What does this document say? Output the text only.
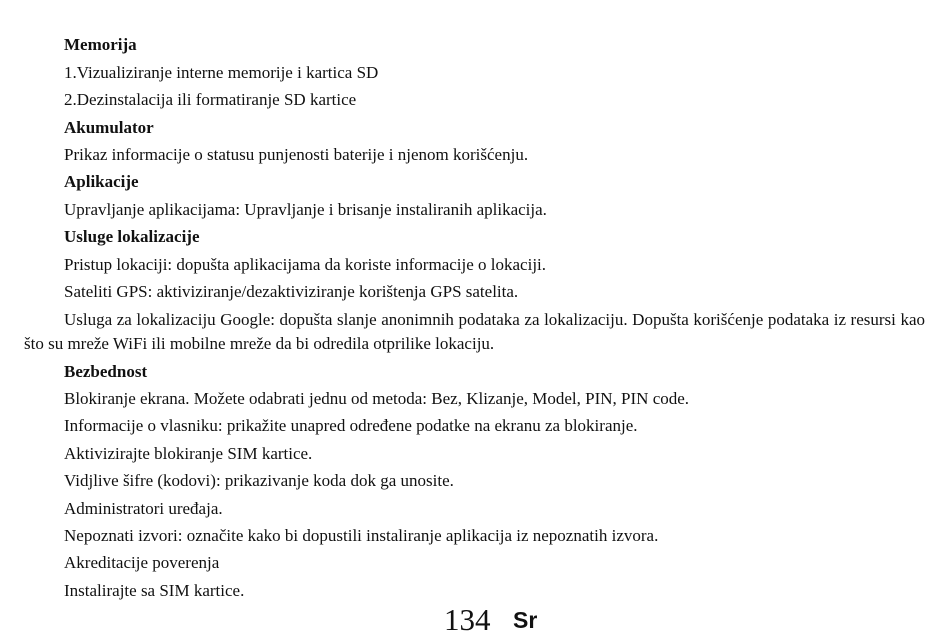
Memorija
1.Vizualiziranje interne memorije i kartica SD
2.Dezinstalacija ili formatiranje SD kartice
Akumulator
Prikaz informacije o statusu punjenosti baterije i njenom korišćenju.
Aplikacije
Upravljanje aplikacijama: Upravljanje i brisanje instaliranih aplikacija.
Usluge lokalizacije
Pristup lokaciji: dopušta aplikacijama da koriste informacije o lokaciji.
Sateliti GPS: aktiviziranje/dezaktiviziranje korištenja GPS satelita.
Usluga za lokalizaciju Google: dopušta slanje anonimnih podataka za lokalizaciju. Dopušta korišćenje podataka iz resursi kao što su mreže WiFi ili mobilne mreže da bi odredila otprilike lokaciju.
Bezbednost
Blokiranje ekrana. Možete odabrati jednu od metoda: Bez, Klizanje, Model, PIN, PIN code.
Informacije o vlasniku: prikažite unapred određene podatke na ekranu za blokiranje.
Aktivizirajte blokiranje SIM kartice.
Vidjlive šifre (kodovi): prikazivanje koda dok ga unosite.
Administratori uređaja.
Nepoznati izvori: označite kako bi dopustili instaliranje aplikacija iz nepoznatih izvora.
Akreditacije poverenja
Instalirajte sa SIM kartice.
134 Sr
